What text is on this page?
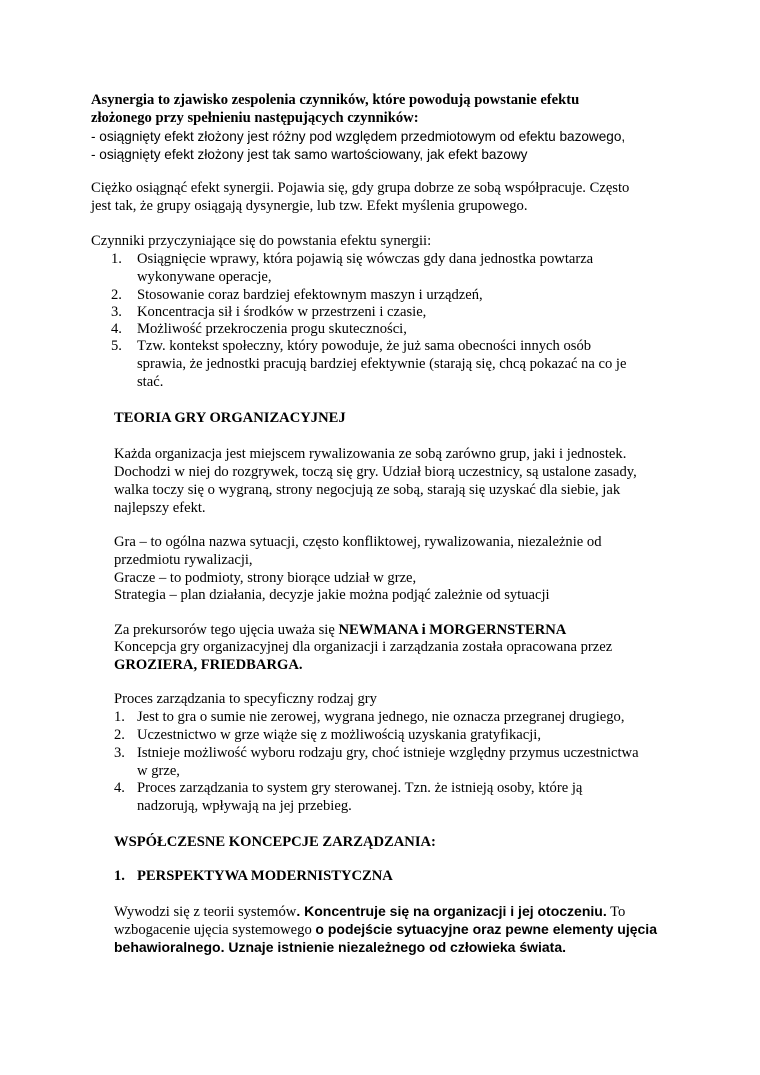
Asynergia to zjawisko zespolenia czynników, które powodują powstanie efektu
złożonego przy spełnieniu następujących czynników:
- osiągnięty efekt złożony jest różny pod względem przedmiotowym od efektu bazowego,
- osiągnięty efekt złożony jest tak samo wartościowany, jak efekt bazowy
Ciężko osiągnąć efekt synergii. Pojawia się, gdy grupa dobrze ze sobą współpracuje. Często
jest tak, że grupy osiągają dysynergie, lub tzw. Efekt myślenia grupowego.
Czynniki przyczyniające się do powstania efektu synergii:
1. Osiągnięcie wprawy, która pojawią się wówczas gdy dana jednostka powtarza
wykonywane operacje,
2. Stosowanie coraz bardziej efektownym maszyn i urządzeń,
3. Koncentracja sił i środków w przestrzeni i czasie,
4. Możliwość przekroczenia progu skuteczności,
5. Tzw. kontekst społeczny, który powoduje, że już sama obecności innych osób
sprawia, że jednostki pracują bardziej efektywnie (starają się, chcą pokazać na co je
stać.
TEORIA GRY ORGANIZACYJNEJ
Każda organizacja jest miejscem rywalizowania ze sobą zarówno grup, jaki i jednostek.
Dochodzi w niej do rozgrywek, toczą się gry. Udział biorą uczestnicy, są ustalone zasady,
walka toczy się o wygraną, strony negocjują ze sobą, starają się uzyskać dla siebie, jak
najlepszy efekt.
Gra – to ogólna nazwa sytuacji, często konfliktowej, rywalizowania, niezależnie od
przedmiotu rywalizacji,
Gracze – to podmioty, strony biorące udział w grze,
Strategia – plan działania, decyzje jakie można podjąć zależnie od sytuacji
Za prekursorów tego ujęcia uważa się NEWMANA i MORGERNSTERNA
Koncepcja gry organizacyjnej dla organizacji i zarządzania została opracowana przez
GROZIERA, FRIEDBARGA.
Proces zarządzania to specyficzny rodzaj gry
1. Jest to gra o sumie nie zerowej, wygrana jednego, nie oznacza przegranej drugiego,
2. Uczestnictwo w grze wiąże się z możliwością uzyskania gratyfikacji,
3. Istnieje możliwość wyboru rodzaju gry, choć istnieje względny przymus uczestnictwa
w grze,
4. Proces zarządzania to system gry sterowanej. Tzn. że istnieją osoby, które ją
nadzorują, wpływają na jej przebieg.
WSPÓŁCZESNE KONCEPCJE ZARZĄDZANIA:
1. PERSPEKTYWA MODERNISTYCZNA
Wywodzi się z teorii systemów. Koncentruje się na organizacji i jej otoczeniu. To
wzbogacenie ujęcia systemowego o podejście sytuacyjne oraz pewne elementy ujęcia
behawioralnego. Uznaje istnienie niezależnego od człowieka świata.
